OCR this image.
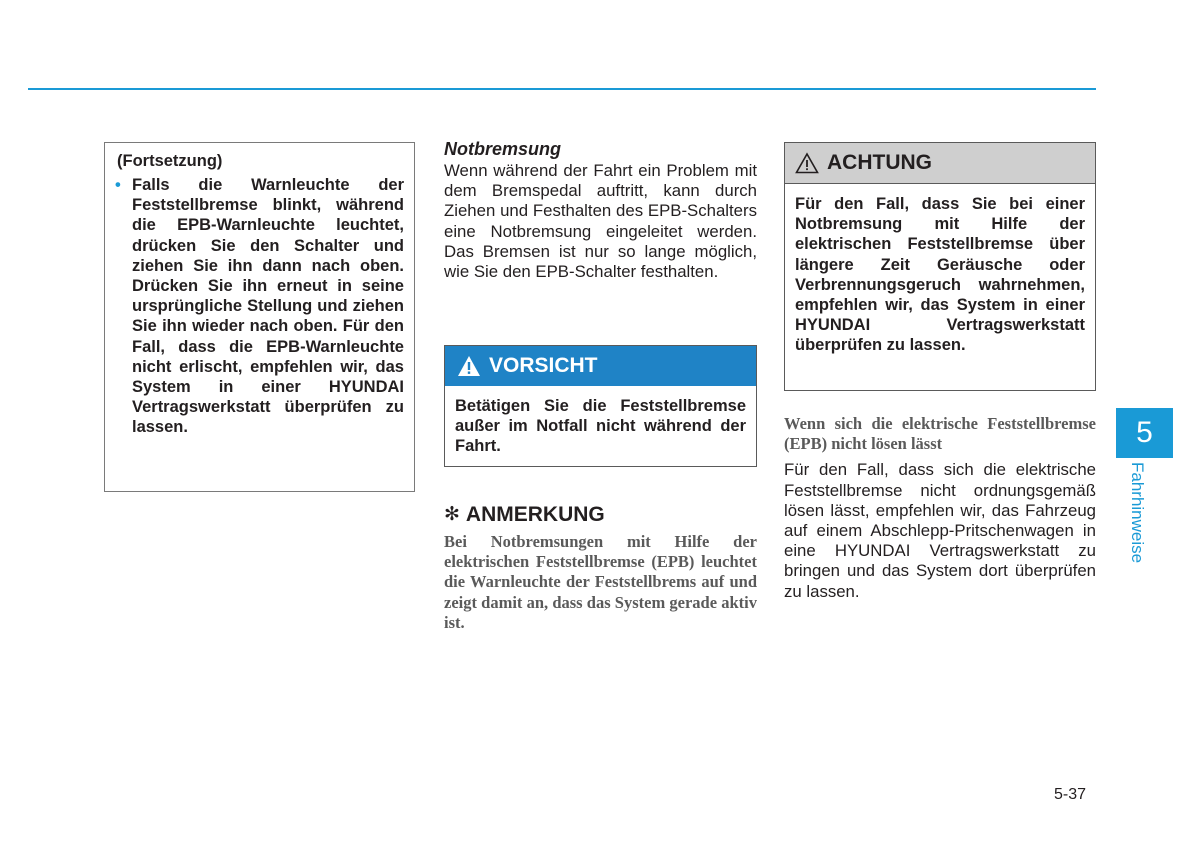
(Fortsetzung)
• Falls die Warnleuchte der Feststellbremse blinkt, während die EPB-Warnleuchte leuchtet, drücken Sie den Schalter und ziehen Sie ihn dann nach oben. Drücken Sie ihn erneut in seine ursprüngliche Stellung und ziehen Sie ihn wieder nach oben. Für den Fall, dass die EPB-Warnleuchte nicht erlischt, empfehlen wir, das System in einer HYUNDAI Vertragswerkstatt überprüfen zu lassen.
Notbremsung

Wenn während der Fahrt ein Problem mit dem Bremspedal auftritt, kann durch Ziehen und Festhalten des EPB-Schalters eine Notbremsung eingeleitet werden. Das Bremsen ist nur so lange möglich, wie Sie den EPB-Schalter festhalten.

VORSICHT
Betätigen Sie die Feststellbremse außer im Notfall nicht während der Fahrt.
✻ ANMERKUNG

Bei Notbremsungen mit Hilfe der elektrischen Feststellbremse (EPB) leuchtet die Warnleuchte der Feststellbrems auf und zeigt damit an, dass das System gerade aktiv ist.

ACHTUNG
Für den Fall, dass Sie bei einer Notbremsung mit Hilfe der elektrischen Feststellbremse über längere Zeit Geräusche oder Verbrennungsgeruch wahrnehmen, empfehlen wir, das System in einer HYUNDAI Vertragswerkstatt überprüfen zu lassen.

Wenn sich die elektrische Feststellbremse (EPB) nicht lösen lässt

Für den Fall, dass sich die elektrische Feststellbremse nicht ordnungsgemäß lösen lässt, empfehlen wir, das Fahrzeug auf einem Abschlepp-Pritschenwagen in eine HYUNDAI Vertragswerkstatt zu bringen und das System dort überprüfen zu lassen.

5
Fahrhinweise
5-37
